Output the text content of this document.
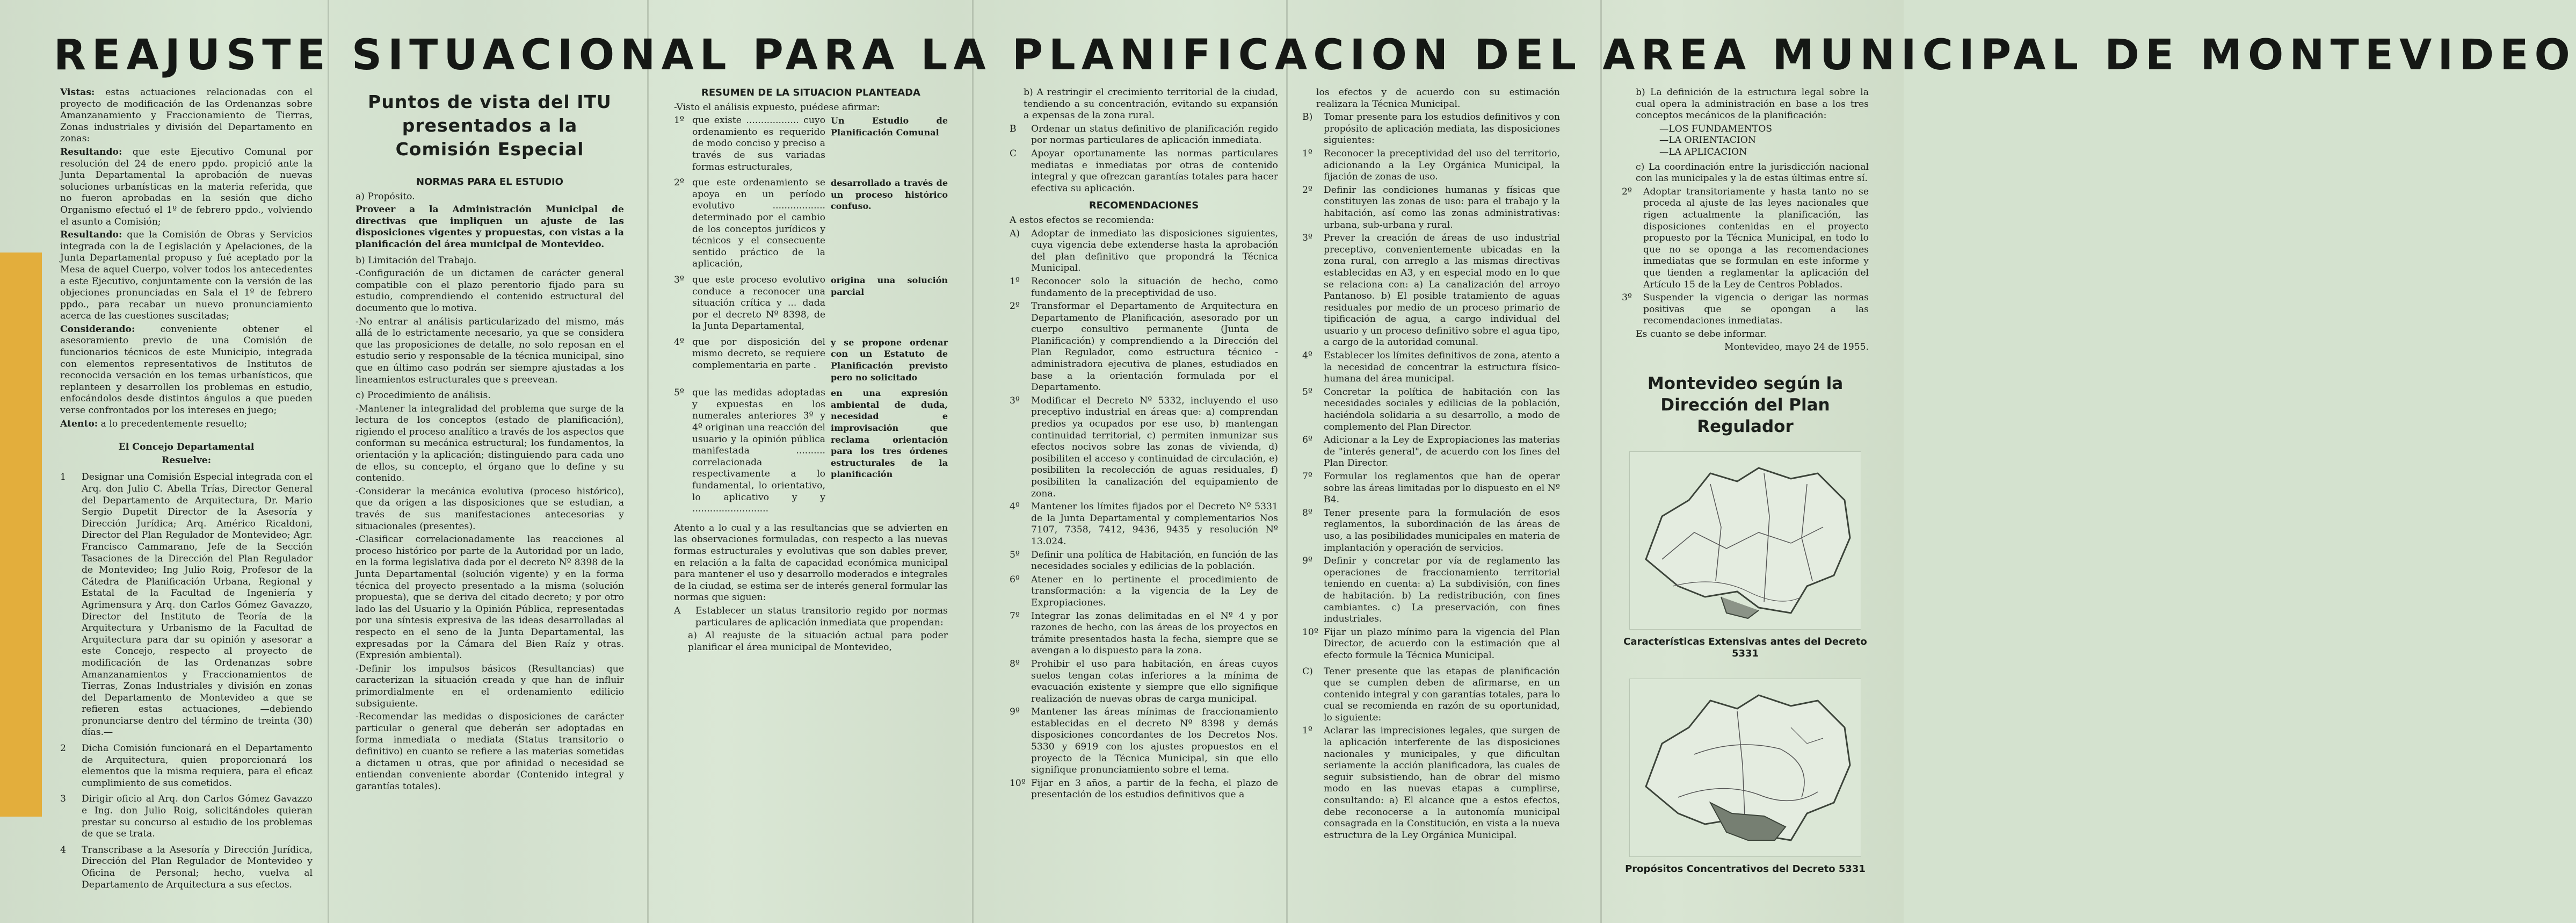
REAJUSTE SITUACIONAL PARA LA PLANIFICACION DEL AREA MUNICIPAL DE MONTEVIDEO

Vistas: estas actuaciones relacionadas con el proyecto de modificación de las Ordenanzas sobre Amanzanamiento y Fraccionamiento de Tierras, Zonas industriales y división del Departamento en zonas:

Resultando: que este Ejecutivo Comunal por resolución del 24 de enero ppdo. propició ante la Junta Departamental la aprobación de nuevas soluciones urbanísticas en la materia referida, que no fueron aprobadas en la sesión que dicho Organismo efectuó el 1º de febrero ppdo., volviendo el asunto a Comisión;

Resultando: que la Comisión de Obras y Servicios integrada con la de Legislación y Apelaciones, de la Junta Departamental propuso y fué aceptado por la Mesa de aquel Cuerpo, volver todos los antecedentes a este Ejecutivo, conjuntamente con la versión de las objeciones pronunciadas en Sala el 1º de febrero ppdo., para recabar un nuevo pronunciamiento acerca de las cuestiones suscitadas;

Considerando:	conveniente obtener el asesoramiento previo de una Comisión de funcionarios técnicos de este Municipio, integrada con elementos representativos de Institutos de reconocida versación en los temas urbanísticos, que replanteen y desarrollen los problemas en estudio, enfocándolos desde distintos ángulos a que pueden verse confrontados por los intereses en juego;

Atento: a lo precedentemente resuelto;

El Concejo Departamental

Resuelve:

1	Designar una Comisión Especial integrada con el Arq. don Julio C. Abella Trías, Director General del Departamento de Arquitectura, Dr. Mario Sergio Dupetit Director de la Asesoría y Dirección Jurídica; Arq. Américo Ricaldoni, Director del Plan Regulador de Montevideo; Agr. Francisco Cammarano, Jefe de la Sección Tasaciones de la Dirección del Plan Regulador de Montevideo; Ing Julio Roig, Profesor de la Cátedra de Planificación Urbana, Regional y Estatal de la Facultad de Ingeniería y Agrimensura y Arq. don Carlos Gómez Gavazzo, Director del Instituto de Teoría de la Arquitectura y Urbanismo de la Facultad de Arquitectura para dar su opinión y asesorar a este Concejo, respecto al proyecto de modificación de las Ordenanzas sobre Amanzanamientos y Fraccionamientos de Tierras, Zonas Industriales y división en zonas del Departamento de Montevideo a que se refieren estas actuaciones, —debiendo pronunciarse dentro del término de treinta (30) días.—
2	Dicha Comisión funcionará en el Departamento de Arquitectura, quien proporcionará los elementos que la misma requiera, para el eficaz cumplimiento de sus cometidos.
3	Dirigir oficio al Arq. don Carlos Gómez Gavazzo e Ing. don Julio Roig, solicitándoles quieran prestar su concurso al estudio de los problemas de que se trata.
4	Transcribase a la Asesoría y Dirección Jurídica, Dirección del Plan Regulador de Montevideo y Oficina de Personal; hecho, vuelva al Departamento de Arquitectura a sus efectos.
Puntos de vista del ITU presentados a la Comisión Especial
NORMAS PARA EL ESTUDIO

a) Propósito.

Proveer a la Administración Municipal de directivas que impliquen un ajuste de las disposiciones vigentes y propuestas, con vistas a la planificación del área municipal de Montevideo.

b) Limitación del Trabajo.

-Configuración de un dictamen de carácter general compatible con el plazo perentorio fijado para su estudio, comprendiendo el contenido estructural del documento que lo motiva.

-No entrar al análisis particularizado del mismo, más allá de lo estrictamente necesario, ya que se considera que las proposiciones de detalle, no solo reposan en el estudio serio y responsable de la técnica municipal, sino que en último caso podrán ser siempre ajustadas a los lineamientos estructurales que s preevean.

c) Procedimiento de análisis.

-Mantener la integralidad del problema que surge de la lectura de los conceptos (estado de planificación), rigiendo el proceso analítico a través de los aspectos que conforman su mecánica estructural; los fundamentos, la orientación y la aplicación; distinguiendo para cada uno de ellos, su concepto, el órgano que lo define y su contenido.

-Considerar la mecánica evolutiva (proceso histórico), que da origen a las disposiciones que se estudian, a través de sus manifestaciones antecesorias y situacionales (presentes).

-Clasificar correlacionadamente las reacciones al proceso histórico por parte de la Autoridad por un lado, en la forma legislativa dada por el decreto Nº 8398 de la Junta Departamental (solución vigente) y en la forma técnica del proyecto presentado a la misma (solución propuesta), que se deriva del citado decreto; y por otro lado las del Usuario y la Opinión Pública, representadas por una síntesis expresiva de las ideas desarrolladas al respecto en el seno de la Junta Departamental, las expresadas por la Cámara del Bien Raíz y otras. (Expresión ambiental).

-Definir los impulsos básicos (Resultancias) que caracterizan la situación creada y que han de influir primordialmente en el ordenamiento edilicio subsiguiente.

-Recomendar las medidas o disposiciones de carácter particular o general que deberán ser adoptadas en forma inmediata o mediata (Status transitorio o definitivo) en cuanto se refiere a las materias sometidas a dictamen u otras, que por afinidad o necesidad se entiendan conveniente abordar (Contenido integral y garantías totales).

RESUMEN DE LA SITUACION PLANTEADA

-Visto el análisis expuesto, puédese afirmar:

1º que existe .................. cuyo ordenamiento es requerido de modo conciso y preciso a través de sus variadas formas estructurales,
Un Estudio de Planificación Comunal
2º que este ordenamiento se apoya en un período evolutivo .................. determinado por el cambio de los conceptos jurídicos y técnicos y el consecuente sentido práctico de la aplicación,
desarrollado a través de un proceso histórico confuso.
3º que este proceso evolutivo conduce a reconocer una situación crítica y ... dada por el decreto Nº 8398, de la Junta Departamental,
origina una solución parcial
4º que por disposición del mismo decreto, se requiere complementaria en parte .
y se propone ordenar con un Estatuto de Planificación previsto pero no solicitado
5º que las medidas adoptadas y expuestas en los numerales anteriores 3º y 4º originan una reacción del usuario y la opinión pública manifestada .......... correlacionada respectivamente a lo fundamental, lo orientativo, lo aplicativo y y ..........................
en una expresión ambiental de duda, necesidad e improvisación que reclama orientación para los tres órdenes estructurales de la planificación

Atento a lo cual y a las resultancias que se advierten en las observaciones formuladas, con respecto a las nuevas formas estructurales y evolutivas que son dables prever, en relación a la falta de capacidad económica municipal para mantener el uso y desarrollo moderados e integrales de la ciudad, se estima ser de interés general formular las normas que siguen:

A	Establecer un status transitorio regido por normas particulares de aplicación inmediata que propendan:

a) Al reajuste de la situación actual para poder planificar el área municipal de Montevideo,

b) A restringir el crecimiento territorial de la ciudad, tendiendo a su concentración, evitando su expansión a expensas de la zona rural.

B	Ordenar un status definitivo de planificación regido por normas particulares de aplicación inmediata.
C	Apoyar oportunamente las normas particulares mediatas e inmediatas por otras de contenido integral y que ofrezcan garantías totales para hacer efectiva su aplicación.
RECOMENDACIONES

A estos efectos se recomienda:

A)	Adoptar de inmediato las disposiciones siguientes, cuya vigencia debe extenderse hasta la aprobación del plan definitivo que propondrá la Técnica Municipal.
1º	Reconocer solo la situación de hecho, como fundamento de la preceptividad de uso.
2º	Transformar el Departamento de Arquitectura en Departamento de Planificación, asesorado por un cuerpo consultivo permanente (Junta de Planificación) y comprendiendo a la Dirección del Plan Regulador, como estructura técnico - administradora ejecutiva de planes, estudiados en base a la orientación formulada por el Departamento.
3º	Modificar el Decreto Nº 5332, incluyendo el uso preceptivo industrial en áreas que: a) comprendan predios ya ocupados por ese uso, b) mantengan continuidad territorial, c) permiten inmunizar sus efectos nocivos sobre las zonas de vivienda, d) posibiliten el acceso y continuidad de circulación, e) posibiliten la recolección de aguas residuales, f) posibiliten la canalización del equipamiento de zona.
4º	Mantener los límites fijados por el Decreto Nº 5331 de la Junta Departamental y complementarios Nos 7107, 7358, 7412, 9436, 9435 y resolución Nº 13.024.
5º	Definir una política de Habitación, en función de las necesidades sociales y edilicias de la población.
6º	Atener en lo pertinente el procedimiento de transformación: a la vigencia de la Ley de Expropiaciones.
7º	Integrar las zonas delimitadas en el Nº 4 y por razones de hecho, con las áreas de los proyectos en trámite presentados hasta la fecha, siempre que se avengan a lo dispuesto para la zona.
8º	Prohibir el uso para habitación, en áreas cuyos suelos tengan cotas inferiores a la mínima de evacuación existente y siempre que ello signifique realización de nuevas obras de carga municipal.
9º	Mantener las áreas mínimas de fraccionamiento establecidas en el decreto Nº 8398 y demás disposiciones concordantes de los Decretos Nos. 5330 y 6919 con los ajustes propuestos en el proyecto de la Técnica Municipal, sin que ello signifique pronunciamiento sobre el tema.
10º Fijar en 3 años, a partir de la fecha, el plazo de presentación de los estudios definitivos que a

los efectos y de acuerdo con su estimación realizara la Técnica Municipal.

B)	Tomar presente para los estudios definitivos y con propósito de aplicación mediata, las disposiciones siguientes:
1º	Reconocer la preceptividad del uso del territorio, adicionando a la Ley Orgánica Municipal, la fijación de zonas de uso.
2º	Definir las condiciones humanas y físicas que constituyen las zonas de uso: para el trabajo y la habitación, así como las zonas administrativas: urbana, sub-urbana y rural.
3º	Prever la creación de áreas de uso industrial preceptivo, convenientemente ubicadas en la zona rural, con arreglo a las mismas directivas establecidas en A3, y en especial modo en lo que se relaciona con: a) La canalización del arroyo Pantanoso. b) El posible tratamiento de aguas residuales por medio de un proceso primario de tipificación de agua, a cargo individual del usuario y un proceso definitivo sobre el agua tipo, a cargo de la autoridad comunal.
4º	Establecer los límites definitivos de zona, atento a la necesidad de concentrar la estructura físico-humana del área municipal.
5º	Concretar la política de habitación con las necesidades sociales y edilicias de la población, haciéndola solidaria a su desarrollo, a modo de complemento del Plan Director.
6º	Adicionar a la Ley de Expropiaciones las materias de "interés general", de acuerdo con los fines del Plan Director.
7º	Formular los reglamentos que han de operar sobre las áreas limitadas por lo dispuesto en el Nº B4.
8º	Tener presente para la formulación de esos reglamentos, la subordinación de las áreas de uso, a las posibilidades municipales en materia de implantación y operación de servicios.
9º	Definir y concretar por vía de reglamento las operaciones de fraccionamiento territorial teniendo en cuenta: a) La subdivisión, con fines de habitación. b) La redistribución, con fines cambiantes. c) La preservación, con fines industriales.
10º Fijar un plazo mínimo para la vigencia del Plan Director, de acuerdo con la estimación que al efecto formule la Técnica Municipal.
C)	Tener presente que las etapas de planificación que se cumplen deben de afirmarse, en un contenido integral y con garantías totales, para lo cual se recomienda en razón de su oportunidad, lo siguiente:
1º	Aclarar las imprecisiones legales, que surgen de la aplicación interferente de las disposiciones nacionales y municipales, y que dificultan seriamente la acción planificadora, las cuales de seguir subsistiendo, han de obrar del mismo modo en las nuevas etapas a cumplirse, consultando: a) El alcance que a estos efectos, debe reconocerse a la autonomía municipal consagrada en la Constitución, en vista a la nueva estructura de la Ley Orgánica Municipal.

b) La definición de la estructura legal sobre la cual opera la administración en base a los tres conceptos mecánicos de la planificación:

—LOS FUNDAMENTOS

—LA ORIENTACION

—LA APLICACION

c) La coordinación entre la jurisdicción nacional con las municipales y la de estas últimas entre sí.

2º	Adoptar transitoriamente y hasta tanto no se proceda al ajuste de las leyes nacionales que rigen actualmente la planificación, las disposiciones contenidas en el proyecto propuesto por la Técnica Municipal, en todo lo que no se oponga a las recomendaciones inmediatas que se formulan en este informe y que tienden a reglamentar la aplicación del Artículo 15 de la Ley de Centros Poblados.
3º	Suspender la vigencia o derigar las normas positivas que se opongan a las recomendaciones inmediatas.

Es cuanto se debe informar.

Montevideo, mayo 24 de 1955.

Montevideo según la Dirección del Plan Regulador
Características Extensivas antes del Decreto 5331
Propósitos Concentrativos del Decreto 5331
